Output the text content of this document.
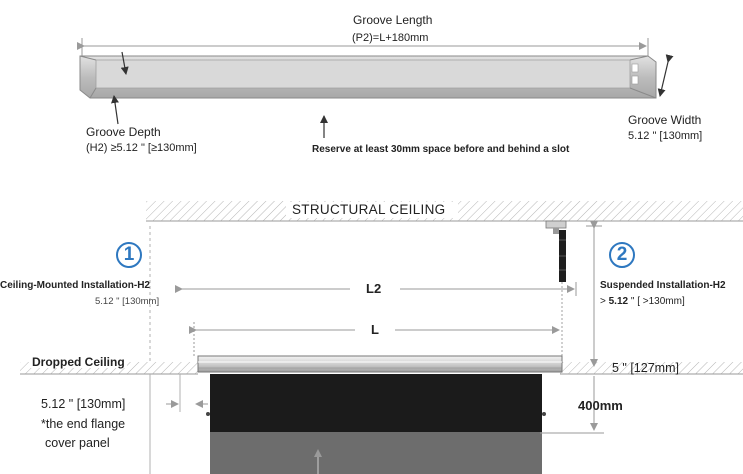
Groove Length
(P2)=L+180mm
Groove Depth
(H2) ≥5.12 " [≥130mm]
Groove Width
5.12 " [130mm]
Reserve at least 30mm space before and behind a slot
STRUCTURAL CEILING
1	2
Ceiling-Mounted Installation-H2
5.12 " [130mm]
Suspended Installation-H2
> 5.12 " [ >130mm]
L2
L
Dropped Ceiling
5.12 " [130mm]
*the end flange
cover panel
5 " [127mm]
400mm
